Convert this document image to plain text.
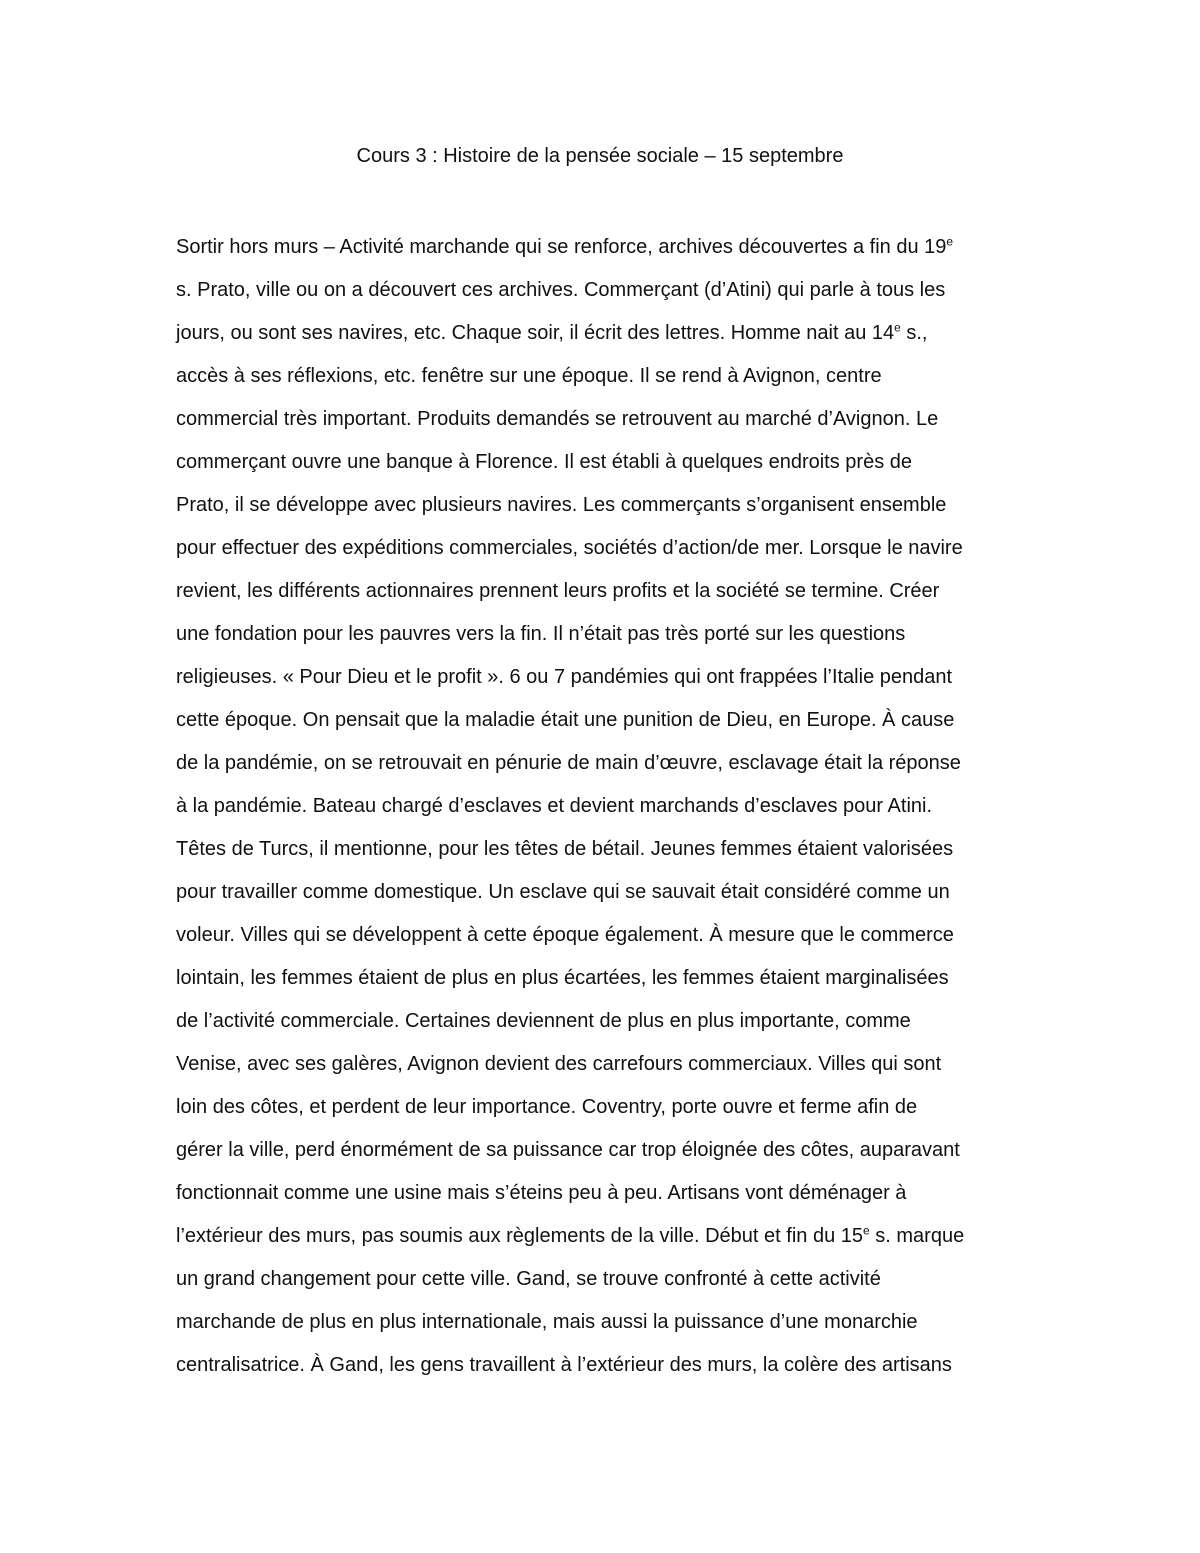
Cours 3 : Histoire de la pensée sociale – 15 septembre
Sortir hors murs – Activité marchande qui se renforce, archives découvertes a fin du 19e
s. Prato, ville ou on a découvert ces archives. Commerçant (d’Atini) qui parle à tous les
jours, ou sont ses navires, etc. Chaque soir, il écrit des lettres. Homme nait au 14e s.,
accès à ses réflexions, etc. fenêtre sur une époque. Il se rend à Avignon, centre
commercial très important. Produits demandés se retrouvent au marché d’Avignon. Le
commerçant ouvre une banque à Florence. Il est établi à quelques endroits près de
Prato, il se développe avec plusieurs navires. Les commerçants s’organisent ensemble
pour effectuer des expéditions commerciales, sociétés d’action/de mer. Lorsque le navire
revient, les différents actionnaires prennent leurs profits et la société se termine. Créer
une fondation pour les pauvres vers la fin. Il n’était pas très porté sur les questions
religieuses. « Pour Dieu et le profit ». 6 ou 7 pandémies qui ont frappées l’Italie pendant
cette époque. On pensait que la maladie était une punition de Dieu, en Europe. À cause
de la pandémie, on se retrouvait en pénurie de main d’œuvre, esclavage était la réponse
à la pandémie. Bateau chargé d’esclaves et devient marchands d’esclaves pour Atini.
Têtes de Turcs, il mentionne, pour les têtes de bétail. Jeunes femmes étaient valorisées
pour travailler comme domestique. Un esclave qui se sauvait était considéré comme un
voleur. Villes qui se développent à cette époque également. À mesure que le commerce
lointain, les femmes étaient de plus en plus écartées, les femmes étaient marginalisées
de l’activité commerciale. Certaines deviennent de plus en plus importante, comme
Venise, avec ses galères, Avignon devient des carrefours commerciaux. Villes qui sont
loin des côtes, et perdent de leur importance. Coventry, porte ouvre et ferme afin de
gérer la ville, perd énormément de sa puissance car trop éloignée des côtes, auparavant
fonctionnait comme une usine mais s’éteins peu à peu. Artisans vont déménager à
l’extérieur des murs, pas soumis aux règlements de la ville. Début et fin du 15e s. marque
un grand changement pour cette ville. Gand, se trouve confronté à cette activité
marchande de plus en plus internationale, mais aussi la puissance d’une monarchie
centralisatrice. À Gand, les gens travaillent à l’extérieur des murs, la colère des artisans
